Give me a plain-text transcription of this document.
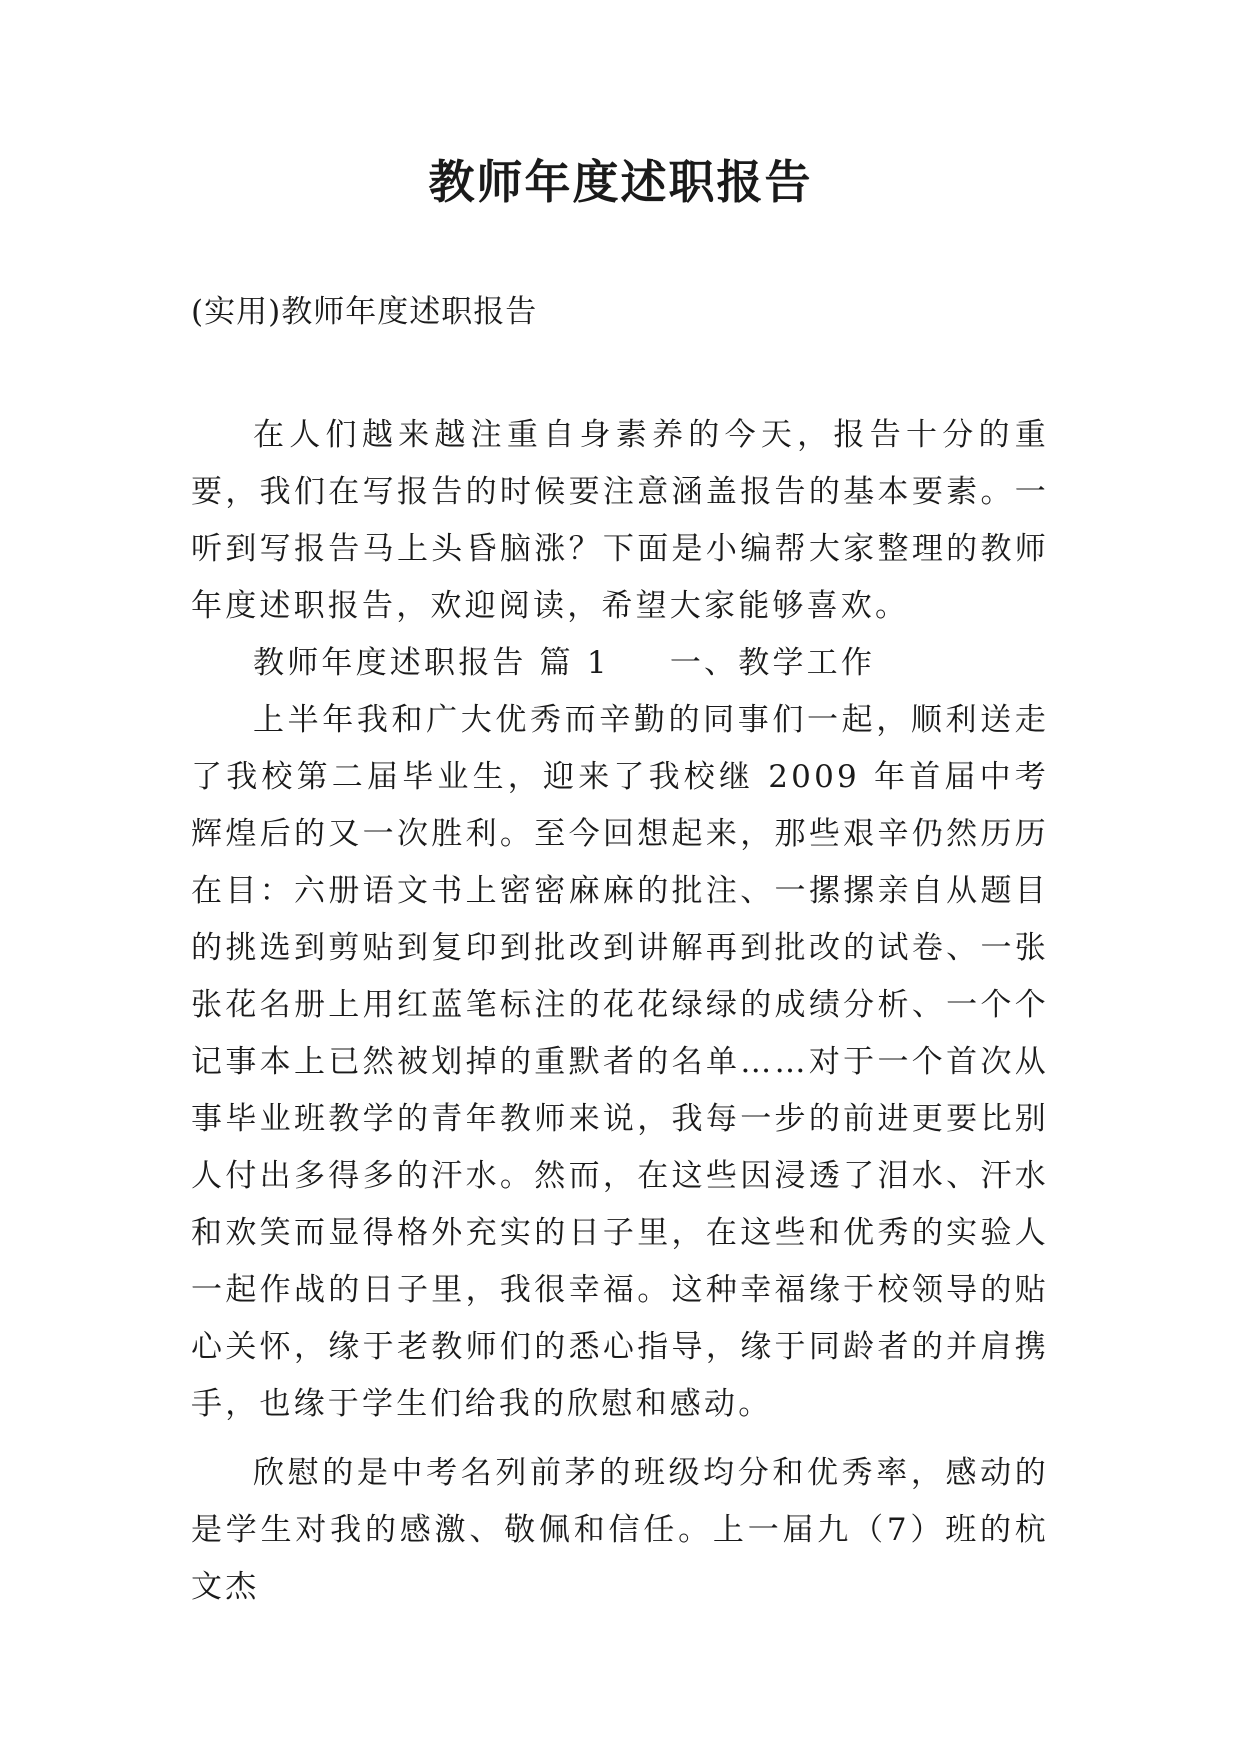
教师年度述职报告

(实用)教师年度述职报告

在人们越来越注重自身素养的今天，报告十分的重要，我们在写报告的时候要注意涵盖报告的基本要素。一听到写报告马上头昏脑涨？下面是小编帮大家整理的教师年度述职报告，欢迎阅读，希望大家能够喜欢。

教师年度述职报告 篇 1 一、教学工作

上半年我和广大优秀而辛勤的同事们一起，顺利送走了我校第二届毕业生，迎来了我校继 2009 年首届中考辉煌后的又一次胜利。至今回想起来，那些艰辛仍然历历在目：六册语文书上密密麻麻的批注、一摞摞亲自从题目的挑选到剪贴到复印到批改到讲解再到批改的试卷、一张张花名册上用红蓝笔标注的花花绿绿的成绩分析、一个个记事本上已然被划掉的重默者的名单……对于一个首次从事毕业班教学的青年教师来说，我每一步的前进更要比别人付出多得多的汗水。然而，在这些因浸透了泪水、汗水和欢笑而显得格外充实的日子里，在这些和优秀的实验人一起作战的日子里，我很幸福。这种幸福缘于校领导的贴心关怀，缘于老教师们的悉心指导，缘于同龄者的并肩携手，也缘于学生们给我的欣慰和感动。

欣慰的是中考名列前茅的班级均分和优秀率，感动的是学生对我的感激、敬佩和信任。上一届九（7）班的杭文杰
